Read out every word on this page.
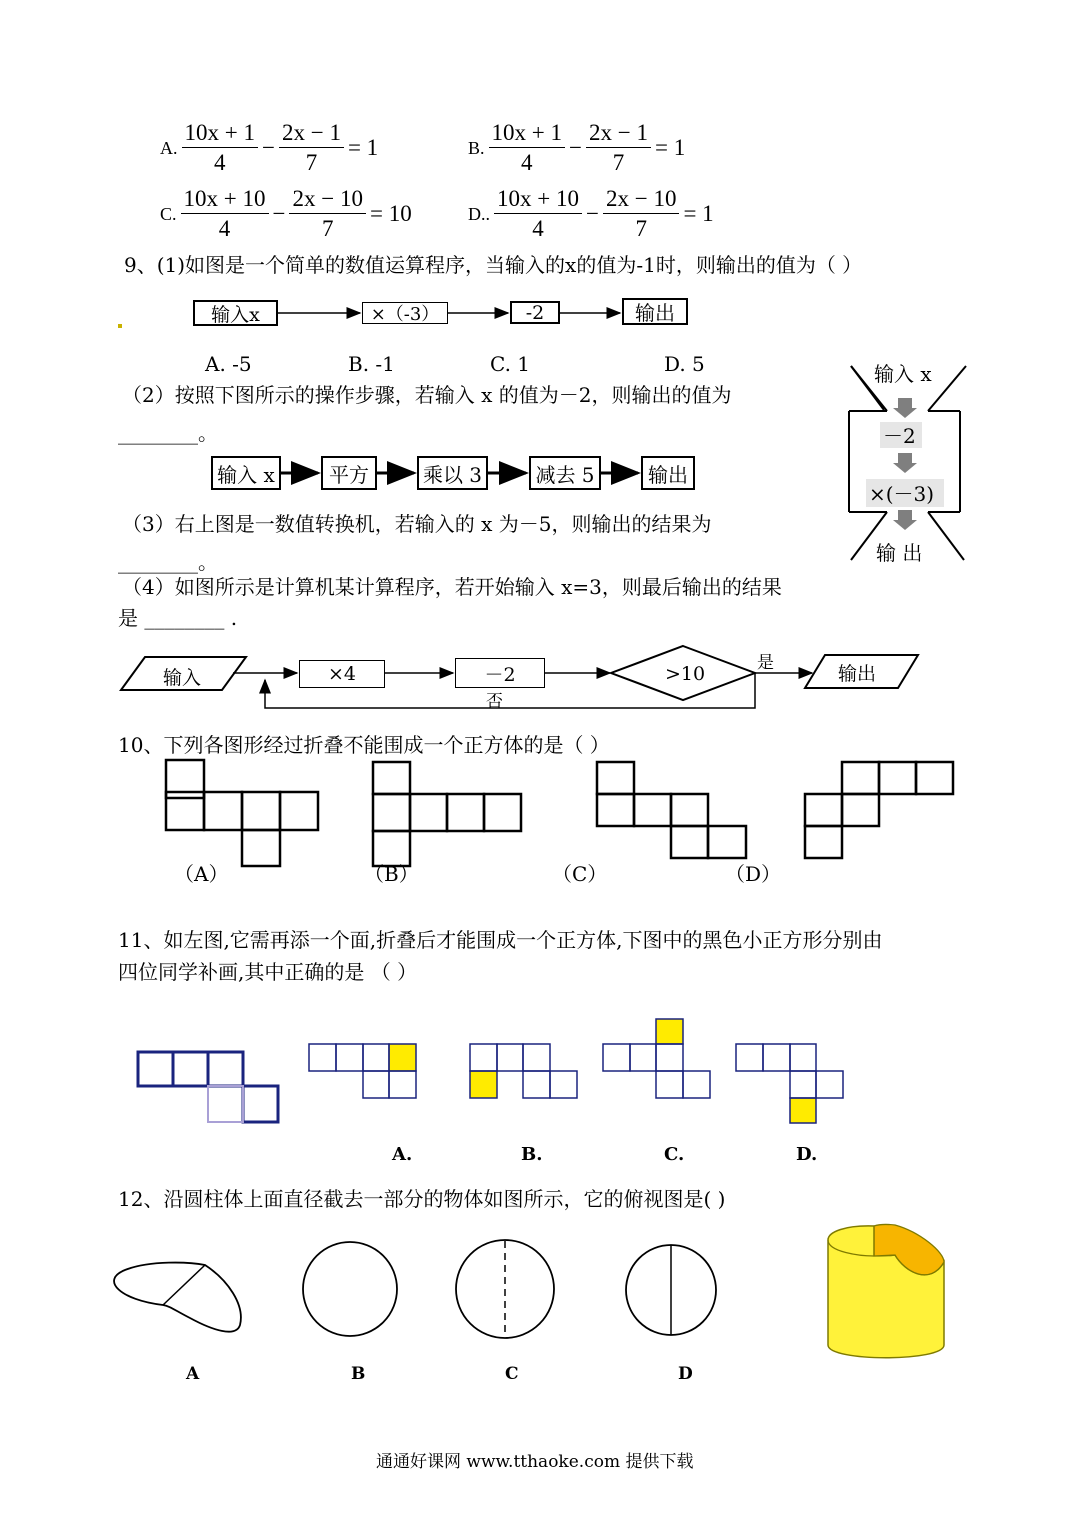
A. $\frac{10x + 1}{4} - \frac{2x - 1}{7} = 1$	B. $\frac{10x + 1}{4} - \frac{2x - 1}{7} = 1$
C. $\frac{10x + 10}{4} - \frac{2x - 10}{7} = 10$	D.. $\frac{10x + 10}{4} - \frac{2x - 10}{7} = 1$
9、(1)如图是一个简单的数值运算程序，当输入的x的值为-1时，则输出的值为（ ）
输入x	×（-3）	-2	输出
A. -5	B. -1	C. 1	D. 5
（2）按照下图所示的操作步骤，若输入 x 的值为－2，则输出的值为
________。
输入 x	平方	乘以 3	减去 5	输出
输入 x
－2
×(－3)
输 出
（3）右上图是一数值转换机，若输入的 x 为－5，则输出的结果为
________。
（4）如图所示是计算机某计算程序，若开始输入 x=3，则最后输出的结果
是 ________ .
输入	×4	－2	>10	是
否
输出
10、下列各图形经过折叠不能围成一个正方体的是（ ）
（A）	（B）	（C）	（D）
11、如左图,它需再添一个面,折叠后才能围成一个正方体,下图中的黑色小正方形分别由
四位同学补画,其中正确的是 （ ）
A.	B.	C.	D.
12、沿圆柱体上面直径截去一部分的物体如图所示，它的俯视图是( )
A	B	C	D
通通好课网 www.tthaoke.com 提供下载
